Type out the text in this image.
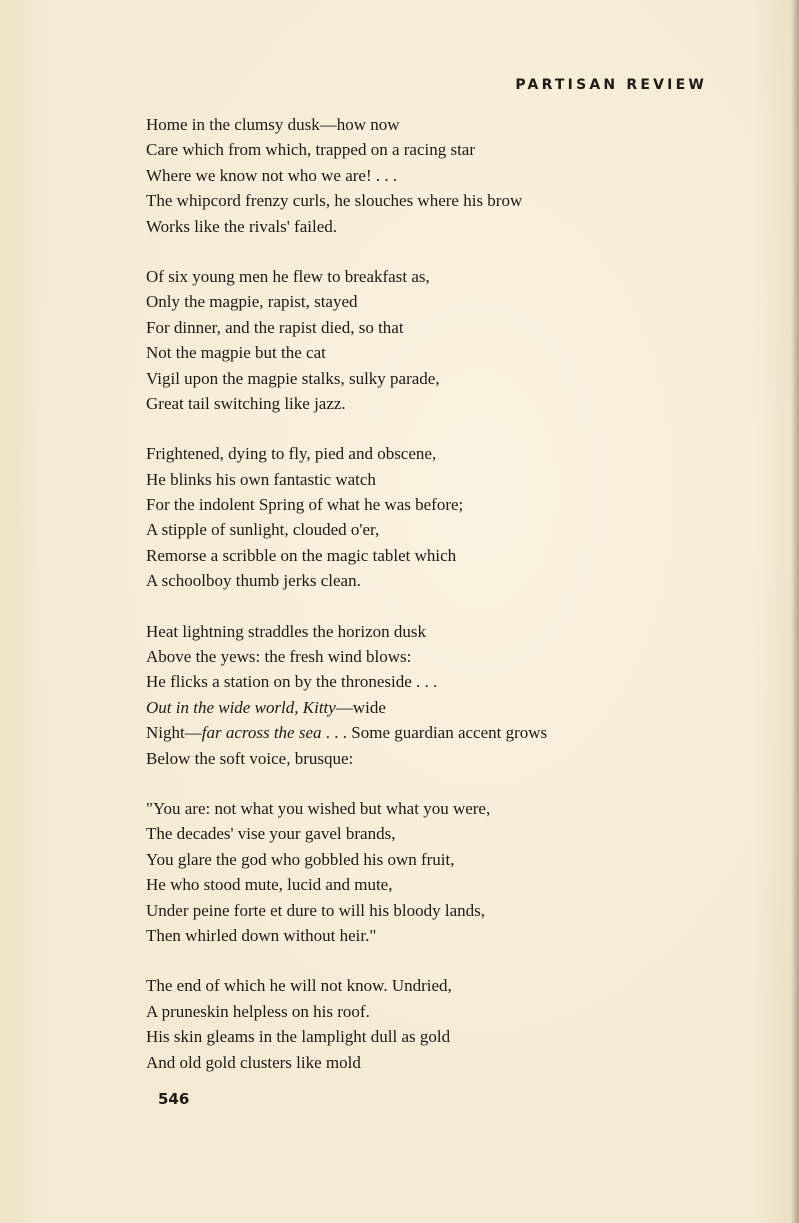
PARTISAN REVIEW
Home in the clumsy dusk—how now
Care which from which, trapped on a racing star
Where we know not who we are! . . .
The whipcord frenzy curls, he slouches where his brow
Works like the rivals' failed.
Of six young men he flew to breakfast as,
Only the magpie, rapist, stayed
For dinner, and the rapist died, so that
Not the magpie but the cat
Vigil upon the magpie stalks, sulky parade,
Great tail switching like jazz.
Frightened, dying to fly, pied and obscene,
He blinks his own fantastic watch
For the indolent Spring of what he was before;
A stipple of sunlight, clouded o'er,
Remorse a scribble on the magic tablet which
A schoolboy thumb jerks clean.
Heat lightning straddles the horizon dusk
Above the yews: the fresh wind blows:
He flicks a station on by the throneside . . .
Out in the wide world, Kitty—wide
Night—far across the sea . . . Some guardian accent grows
Below the soft voice, brusque:
"You are: not what you wished but what you were,
The decades' vise your gavel brands,
You glare the god who gobbled his own fruit,
He who stood mute, lucid and mute,
Under peine forte et dure to will his bloody lands,
Then whirled down without heir."
The end of which he will not know. Undried,
A pruneskin helpless on his roof.
His skin gleams in the lamplight dull as gold
And old gold clusters like mold
546
